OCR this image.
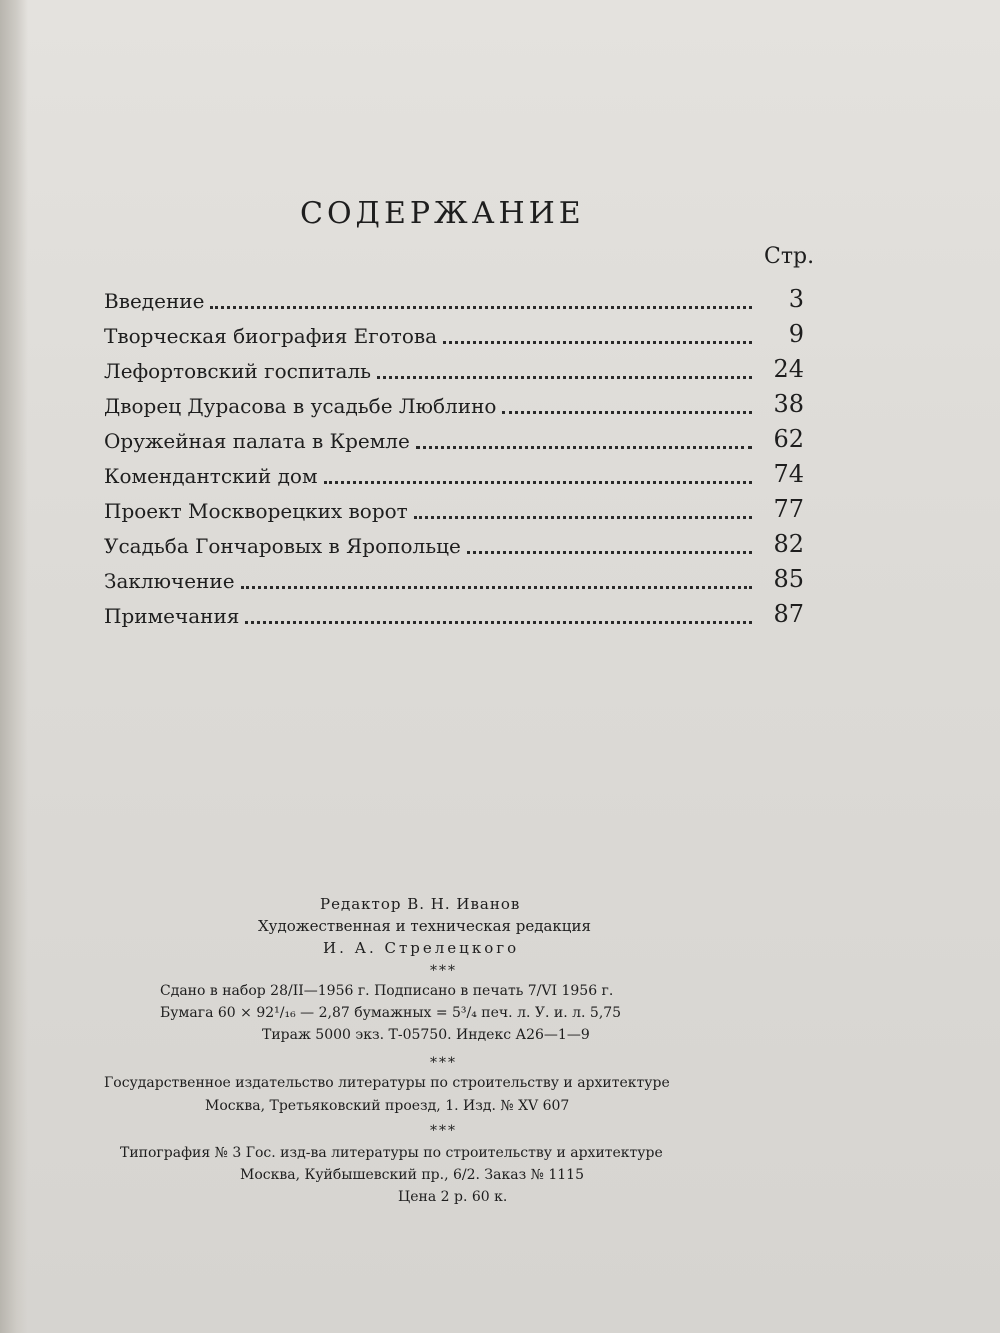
СОДЕРЖАНИЕ
Стр.
Введение	3
Творческая биография Еготова	9
Лефортовский госпиталь	24
Дворец Дурасова в усадьбе Люблино	38
Оружейная палата в Кремле	62
Комендантский дом	74
Проект Москворецких ворот	77
Усадьба Гончаровых в Яропольце	82
Заключение	85
Примечания	87
Редактор В. Н. Иванов
Художественная и техническая редакция
И. А. Стрелецкого
***
Сдано в набор 28/II—1956 г. Подписано в печать 7/VI 1956 г.
Бумага 60 × 92¹/₁₆ — 2,87 бумажных = 5³/₄ печ. л. У. и. л. 5,75
Тираж 5000 экз. Т-05750. Индекс А26—1—9
***
Государственное издательство литературы по строительству и архитектуре
Москва, Третьяковский проезд, 1. Изд. № XV 607
***
Типография № 3 Гос. изд-ва литературы по строительству и архитектуре
Москва, Куйбышевский пр., 6/2. Заказ № 1115
Цена 2 р. 60 к.
